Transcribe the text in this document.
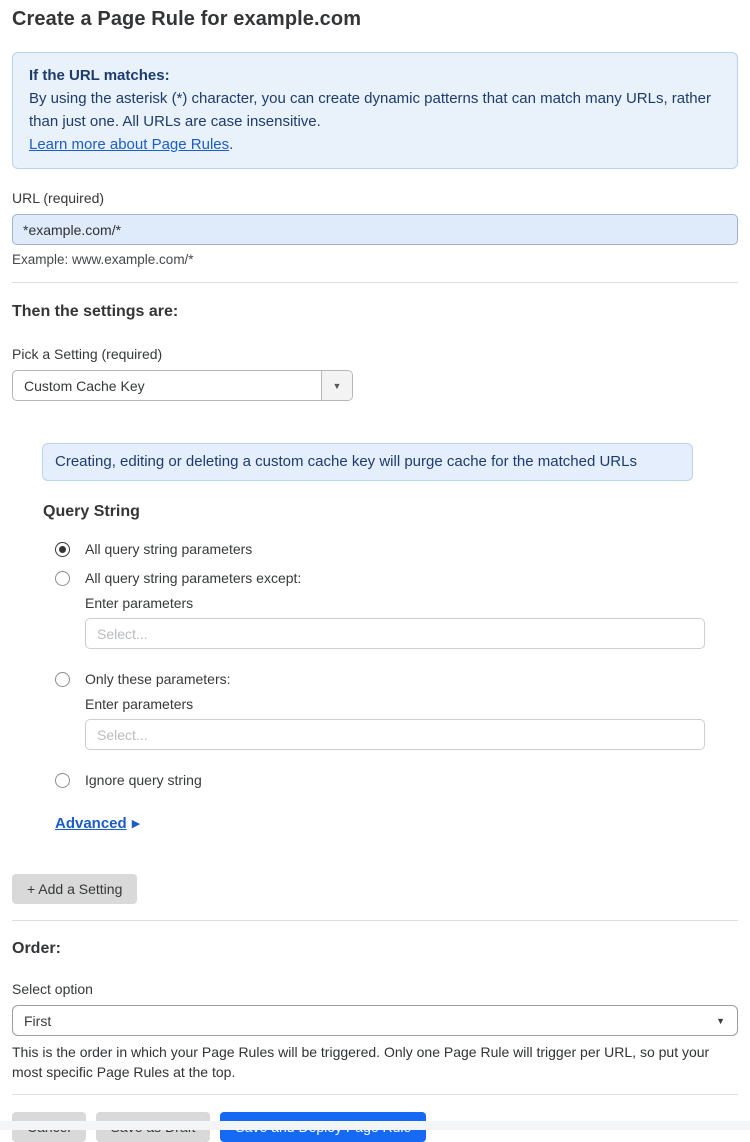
Create a Page Rule for example.com
If the URL matches:
By using the asterisk (*) character, you can create dynamic patterns that can match many URLs, rather than just one. All URLs are case insensitive.
Learn more about Page Rules.
URL (required)
*example.com/*
Example: www.example.com/*
Then the settings are:
Pick a Setting (required)
Custom Cache Key	▼
Creating, editing or deleting a custom cache key will purge cache for the matched URLs
Query String
All query string parameters
All query string parameters except:
Enter parameters
Select...
Only these parameters:
Enter parameters
Select...
Ignore query string
Advanced ▶
+ Add a Setting
Order:
Select option
First	▼
This is the order in which your Page Rules will be triggered. Only one Page Rule will trigger per URL, so put your most specific Page Rules at the top.
